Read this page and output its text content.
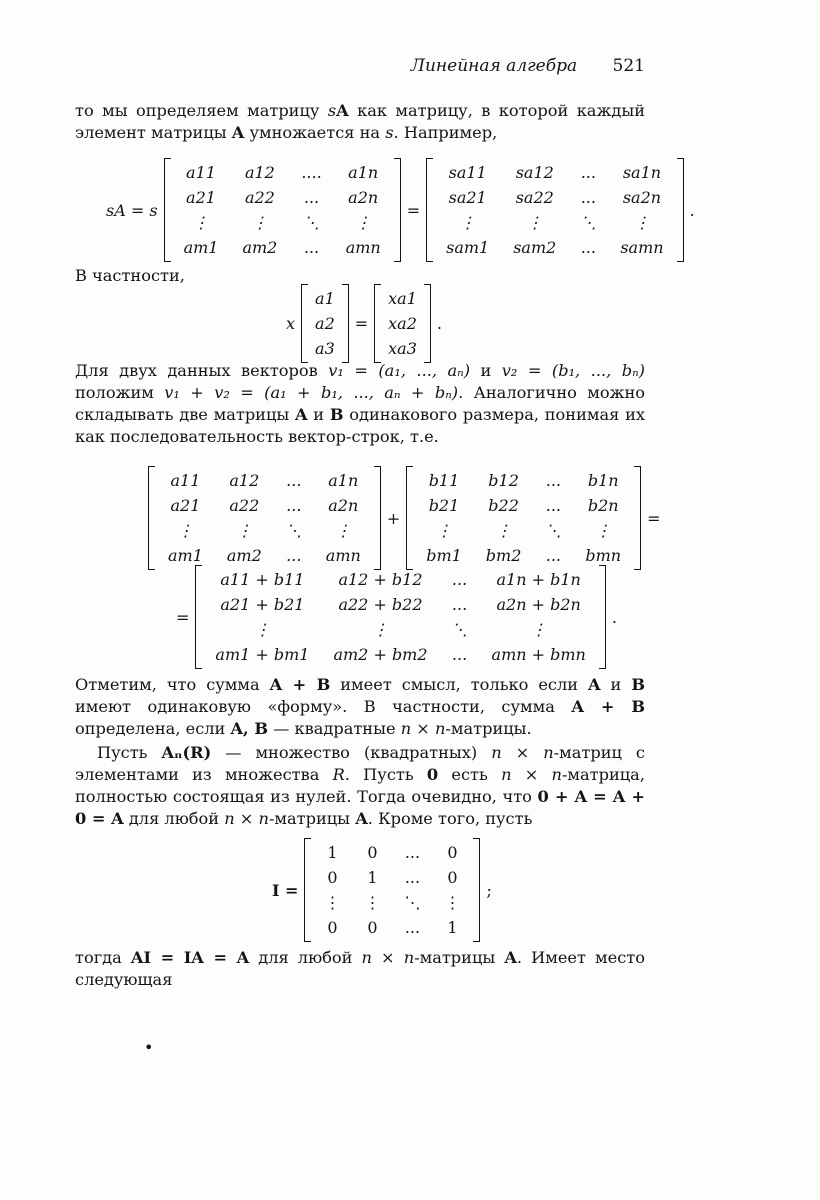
Линейная алгебра 521
то мы определяем матрицу sA как матрицу, в которой каждый элемент матрицы A умножается на s. Например,
sA = s
a11	a12	....	a1n
a21	a22	...	a2n
⋮	⋮	⋱	⋮
am1	am2	...	amn
=
sa11	sa12	...	sa1n
sa21	sa22	...	sa2n
⋮	⋮	⋱	⋮
sam1	sam2	...	samn
.
В частности,
x
a1
a2
a3
=
xa1
xa2
xa3
.
Для двух данных векторов v₁ = (a₁, ..., aₙ) и v₂ = (b₁, ..., bₙ) положим v₁ + v₂ = (a₁ + b₁, ..., aₙ + bₙ). Аналогично можно складывать две матрицы A и B одинакового размера, понимая их как последовательность вектор-строк, т.е.
a11	a12	...	a1n
a21	a22	...	a2n
⋮	⋮	⋱	⋮
am1	am2	...	amn
+
b11	b12	...	b1n
b21	b22	...	b2n
⋮	⋮	⋱	⋮
bm1	bm2	...	bmn
=
=
a11 + b11	a12 + b12	...	a1n + b1n
a21 + b21	a22 + b22	...	a2n + b2n
⋮	⋮	⋱	⋮
am1 + bm1	am2 + bm2	...	amn + bmn
.
Отметим, что сумма A + B имеет смысл, только если A и B имеют одинаковую «форму». В частности, сумма A + B определена, если A, B — квадратные n × n-матрицы.
Пусть Aₙ(R) — множество (квадратных) n × n-матриц с элементами из множества R. Пусть 0 есть n × n-матрица, полностью состоящая из нулей. Тогда очевидно, что 0 + A = A + 0 = A для любой n × n-матрицы A. Кроме того, пусть
I =
1	0	...	0
0	1	...	0
⋮	⋮	⋱	⋮
0	0	...	1
;
тогда AI = IA = A для любой n × n-матрицы A. Имеет место следующая
•
